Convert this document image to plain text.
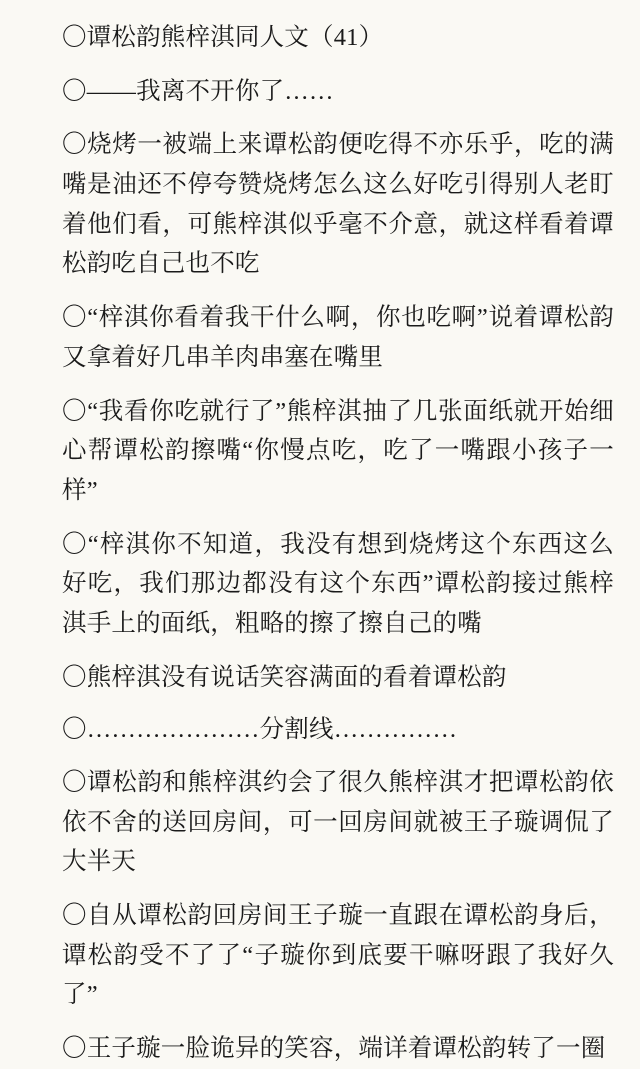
〇谭松韵熊梓淇同人文（41）

〇——我离不开你了……

〇烧烤一被端上来谭松韵便吃得不亦乐乎，吃的满嘴是油还不停夸赞烧烤怎么这么好吃引得别人老盯着他们看，可熊梓淇似乎毫不介意，就这样看着谭松韵吃自己也不吃

〇“梓淇你看着我干什么啊，你也吃啊”说着谭松韵又拿着好几串羊肉串塞在嘴里

〇“我看你吃就行了”熊梓淇抽了几张面纸就开始细心帮谭松韵擦嘴“你慢点吃，吃了一嘴跟小孩子一样”

〇“梓淇你不知道，我没有想到烧烤这个东西这么好吃，我们那边都没有这个东西”谭松韵接过熊梓淇手上的面纸，粗略的擦了擦自己的嘴

〇熊梓淇没有说话笑容满面的看着谭松韵

〇…………………分割线……………

〇谭松韵和熊梓淇约会了很久熊梓淇才把谭松韵依依不舍的送回房间，可一回房间就被王子璇调侃了大半天

〇自从谭松韵回房间王子璇一直跟在谭松韵身后，谭松韵受不了了“子璇你到底要干嘛呀跟了我好久了”

〇王子璇一脸诡异的笑容，端详着谭松韵转了一圈
